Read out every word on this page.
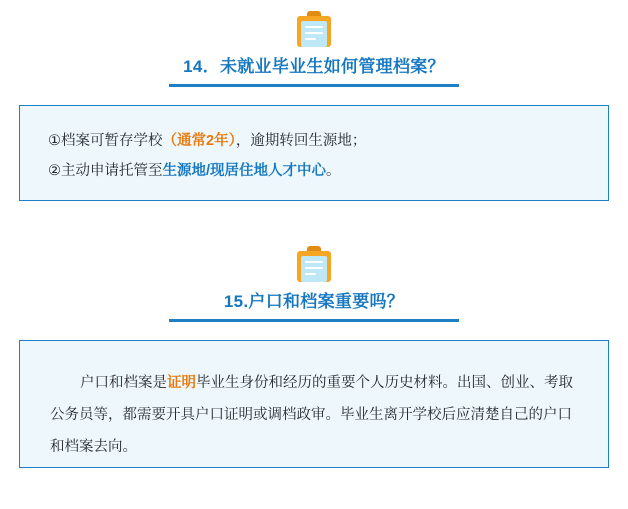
14．未就业毕业生如何管理档案？
①档案可暂存学校（通常2年），逾期转回生源地；
②主动申请托管至生源地/现居住地人才中心。
15.户口和档案重要吗？
户口和档案是证明毕业生身份和经历的重要个人历史材料。出国、创业、考取公务员等，都需要开具户口证明或调档政审。毕业生离开学校后应清楚自己的户口和档案去向。
